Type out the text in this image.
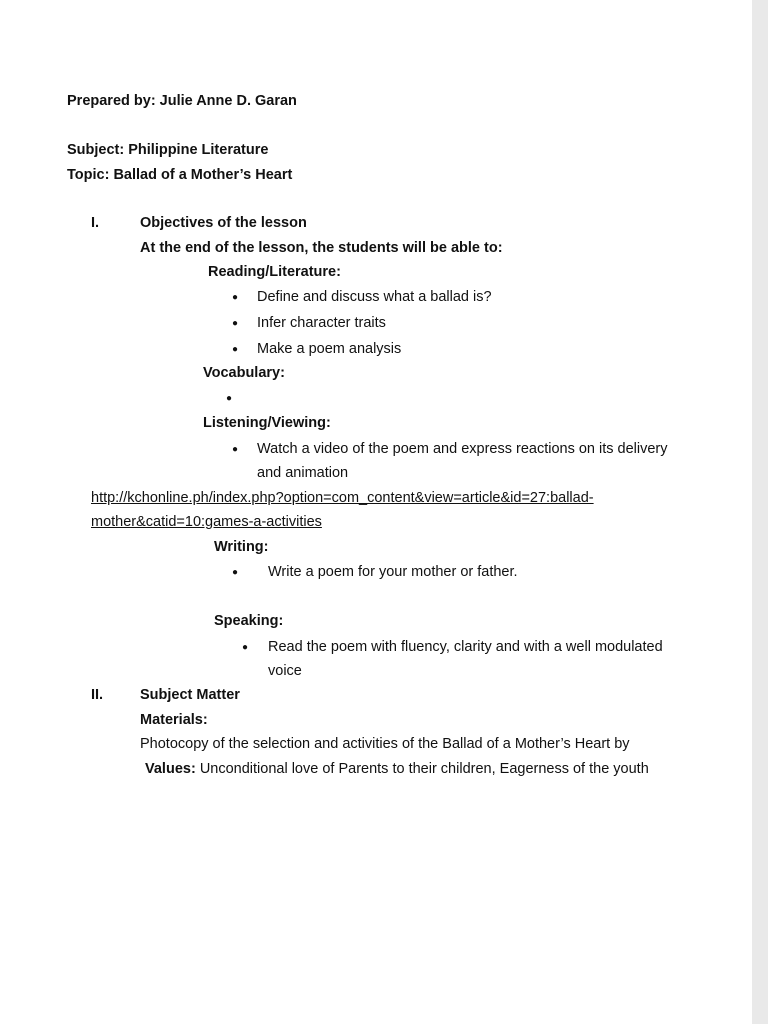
Prepared by: Julie Anne D. Garan
Subject: Philippine Literature
Topic: Ballad of a Mother’s Heart
I.	Objectives of the lesson
At the end of the lesson, the students will be able to:
Reading/Literature:
● Define and discuss what a ballad is?
● Infer character traits
● Make a poem analysis
Vocabulary:
●
Listening/Viewing:
● Watch a video of the poem and express reactions on its delivery
and animation
http://kchonline.ph/index.php?option=com_content&view=article&id=27:ballad-
mother&catid=10:games-a-activities
Writing:
● Write a poem for your mother or father.
Speaking:
● Read the poem with fluency, clarity and with a well modulated
voice
II.	Subject Matter
Materials:
Photocopy of the selection and activities of the Ballad of a Mother’s Heart by
Values: Unconditional love of Parents to their children, Eagerness of the youth
